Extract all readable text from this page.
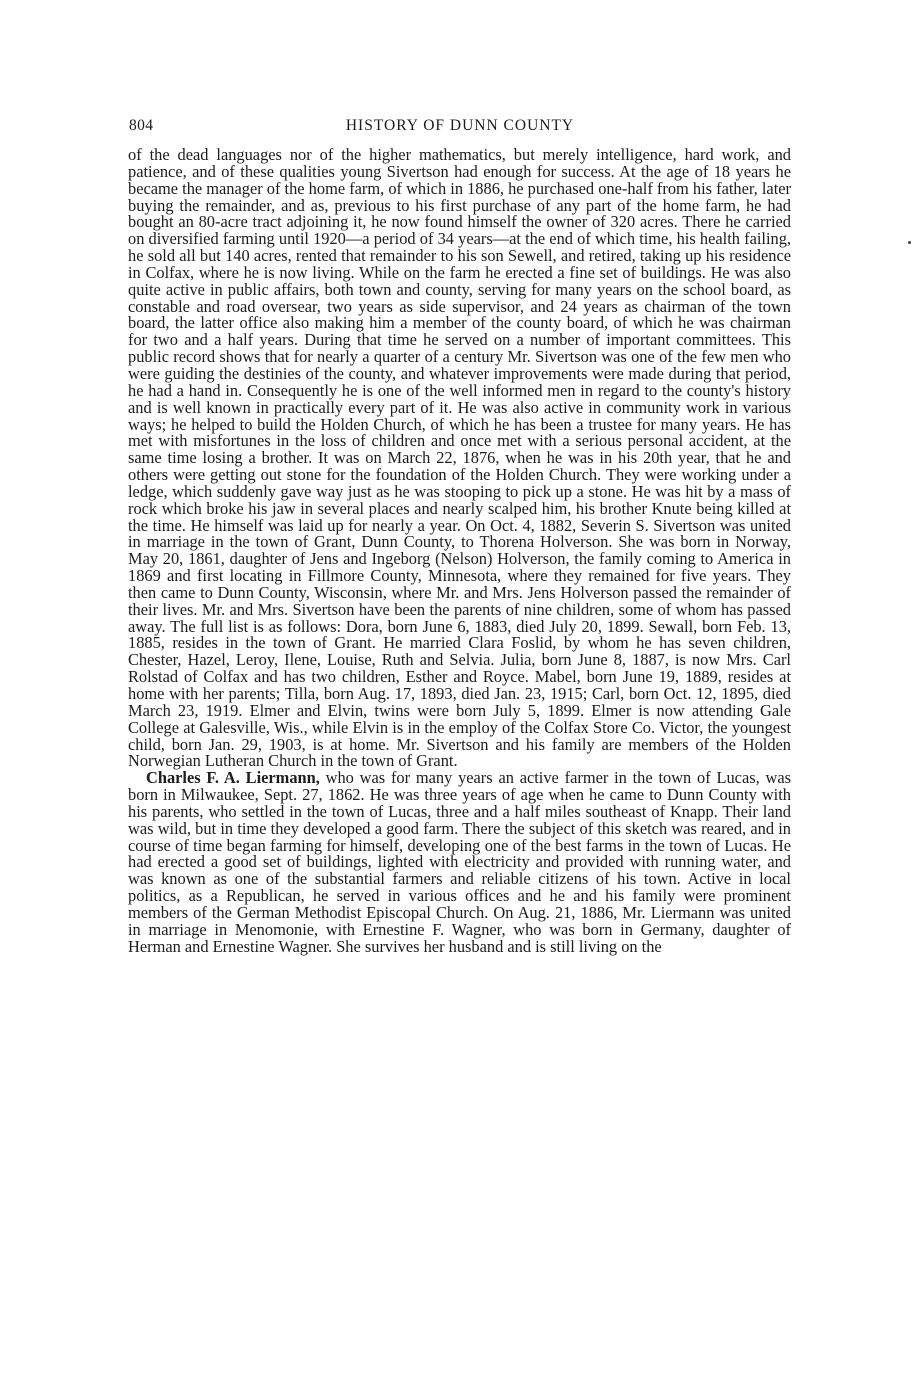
804	HISTORY OF DUNN COUNTY

of the dead languages nor of the higher mathematics, but merely intelligence, hard work, and patience, and of these qualities young Sivertson had enough for success. At the age of 18 years he became the manager of the home farm, of which in 1886, he purchased one-half from his father, later buying the remainder, and as, previous to his first purchase of any part of the home farm, he had bought an 80-acre tract adjoining it, he now found himself the owner of 320 acres. There he carried on diversified farming until 1920—a period of 34 years—at the end of which time, his health failing, he sold all but 140 acres, rented that remainder to his son Sewell, and retired, taking up his residence in Colfax, where he is now living. While on the farm he erected a fine set of buildings. He was also quite active in public affairs, both town and county, serving for many years on the school board, as constable and road oversear, two years as side supervisor, and 24 years as chairman of the town board, the latter office also making him a member of the county board, of which he was chairman for two and a half years. During that time he served on a number of important committees. This public record shows that for nearly a quarter of a century Mr. Sivertson was one of the few men who were guiding the destinies of the county, and whatever improvements were made during that period, he had a hand in. Consequently he is one of the well informed men in regard to the county's history and is well known in practically every part of it. He was also active in community work in various ways; he helped to build the Holden Church, of which he has been a trustee for many years. He has met with misfortunes in the loss of children and once met with a serious personal accident, at the same time losing a brother. It was on March 22, 1876, when he was in his 20th year, that he and others were getting out stone for the foundation of the Holden Church. They were working under a ledge, which suddenly gave way just as he was stooping to pick up a stone. He was hit by a mass of rock which broke his jaw in several places and nearly scalped him, his brother Knute being killed at the time. He himself was laid up for nearly a year. On Oct. 4, 1882, Severin S. Sivertson was united in marriage in the town of Grant, Dunn County, to Thorena Holverson. She was born in Norway, May 20, 1861, daughter of Jens and Ingeborg (Nelson) Holverson, the family coming to America in 1869 and first locating in Fillmore County, Minnesota, where they remained for five years. They then came to Dunn County, Wisconsin, where Mr. and Mrs. Jens Holverson passed the remainder of their lives. Mr. and Mrs. Sivertson have been the parents of nine children, some of whom has passed away. The full list is as follows: Dora, born June 6, 1883, died July 20, 1899. Sewall, born Feb. 13, 1885, resides in the town of Grant. He married Clara Foslid, by whom he has seven children, Chester, Hazel, Leroy, Ilene, Louise, Ruth and Selvia. Julia, born June 8, 1887, is now Mrs. Carl Rolstad of Colfax and has two children, Esther and Royce. Mabel, born June 19, 1889, resides at home with her parents; Tilla, born Aug. 17, 1893, died Jan. 23, 1915; Carl, born Oct. 12, 1895, died March 23, 1919. Elmer and Elvin, twins were born July 5, 1899. Elmer is now attending Gale College at Galesville, Wis., while Elvin is in the employ of the Colfax Store Co. Victor, the youngest child, born Jan. 29, 1903, is at home. Mr. Sivertson and his family are members of the Holden Norwegian Lutheran Church in the town of Grant.

Charles F. A. Liermann, who was for many years an active farmer in the town of Lucas, was born in Milwaukee, Sept. 27, 1862. He was three years of age when he came to Dunn County with his parents, who settled in the town of Lucas, three and a half miles southeast of Knapp. Their land was wild, but in time they developed a good farm. There the subject of this sketch was reared, and in course of time began farming for himself, developing one of the best farms in the town of Lucas. He had erected a good set of buildings, lighted with electricity and provided with running water, and was known as one of the substantial farmers and reliable citizens of his town. Active in local politics, as a Republican, he served in various offices and he and his family were prominent members of the German Methodist Episcopal Church. On Aug. 21, 1886, Mr. Liermann was united in marriage in Menomonie, with Ernestine F. Wagner, who was born in Germany, daughter of Herman and Ernestine Wagner. She survives her husband and is still living on the
